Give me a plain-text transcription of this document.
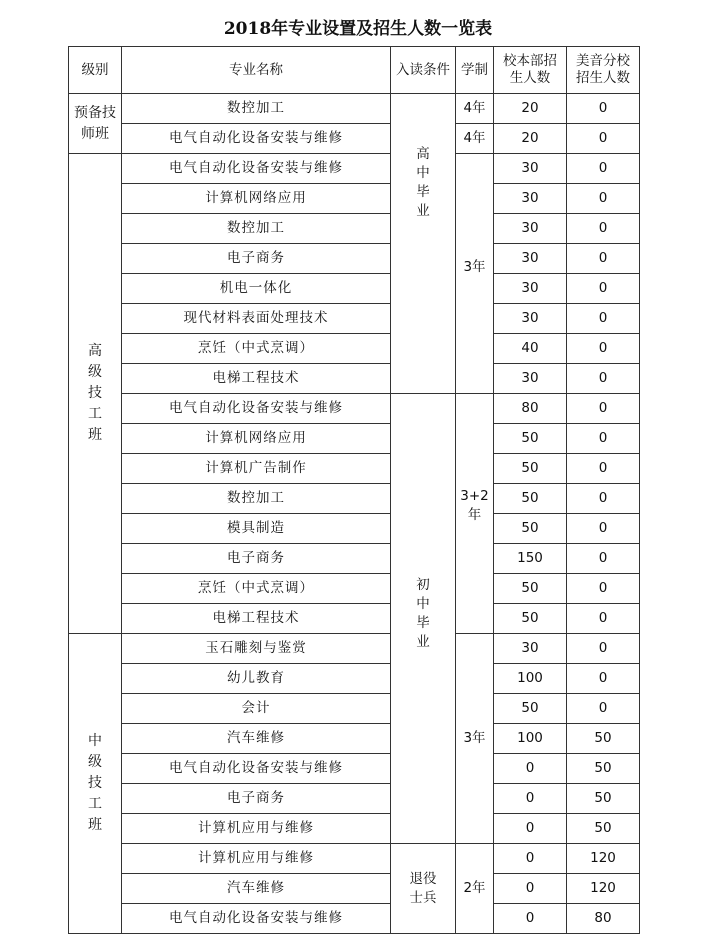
2018年专业设置及招生人数一览表
级别	专业名称	入读条件	学制	校本部招生人数	美音分校招生人数
预备技师班	数控加工	高中毕业	4年	20	0
	电气自动化设备安装与维修		4年	20	0
高级技工班	电气自动化设备安装与维修		3年	30	0
	计算机网络应用			30	0
	数控加工			30	0
	电子商务			30	0
	机电一体化			30	0
	现代材料表面处理技术			30	0
	烹饪（中式烹调）			40	0
	电梯工程技术			30	0
	电气自动化设备安装与维修	初中毕业	3+2年	80	0
	计算机网络应用			50	0
	计算机广告制作			50	0
	数控加工			50	0
	模具制造			50	0
	电子商务			150	0
	烹饪（中式烹调）			50	0
	电梯工程技术			50	0
中级技工班	玉石雕刻与鉴赏		3年	30	0
	幼儿教育			100	0
	会计			50	0
	汽车维修			100	50
	电气自动化设备安装与维修			0	50
	电子商务			0	50
	计算机应用与维修			0	50
	计算机应用与维修	退役士兵	2年	0	120
	汽车维修			0	120
	电气自动化设备安装与维修			0	80
